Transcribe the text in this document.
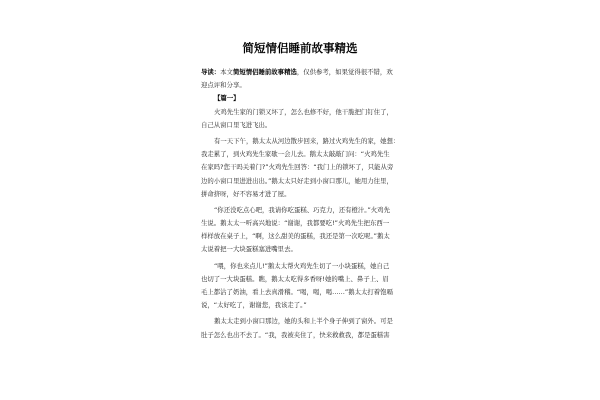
简短情侣睡前故事精选
导读：本文简短情侣睡前故事精选，仅供参考，如果觉得很不错，欢
迎点评和分享。
【篇一】
火鸡先生家的门锁又坏了，怎么也修不好，他干脆把门钉住了，
自己从窗口里飞进飞出。
有一天下午，鹅太太从河边散步回来，路过火鸡先生的家，她想：
我走累了，到火鸡先生家歇一会儿去。鹅太太敲敲门问：“火鸡先生
在家吗?您干吗关着门?”火鸡先生回答：“我门上的锁坏了，只能从旁
边的小窗口里进进出出。”鹅太太只好走到小窗口那儿，她用力往里，
拼命挤呀，好不容易才进了屋。
“你还没吃点心吧，我请你吃蛋糕、巧克力，还有橙汁。”火鸡先
生说。鹅太太一听高兴地说：“谢谢，我都要吃!”火鸡先生把东西一
样样放在桌子上，“啊，这么甜美的蛋糕，我还是第一次吃呢。”鹅太
太说着把一大块蛋糕塞进嘴里去。
“喂，你也来点儿!”鹅太太帮火鸡先生切了一小块蛋糕，她自己
也切了一大块蛋糕。瞧，鹅太太吃得多香呀!她的嘴上、鼻子上、眉
毛上都沾了奶油，看上去真滑稽。“喝，喝，喝……”鹅太太打着饱嗝
说，“太好吃了，谢谢您，我该走了。”
鹅太太走到小窗口那边，她的头和上半个身子伸到了窗外。可是
肚子怎么也出不去了。“我，我被夹住了，快来救救我，都是蛋糕害
